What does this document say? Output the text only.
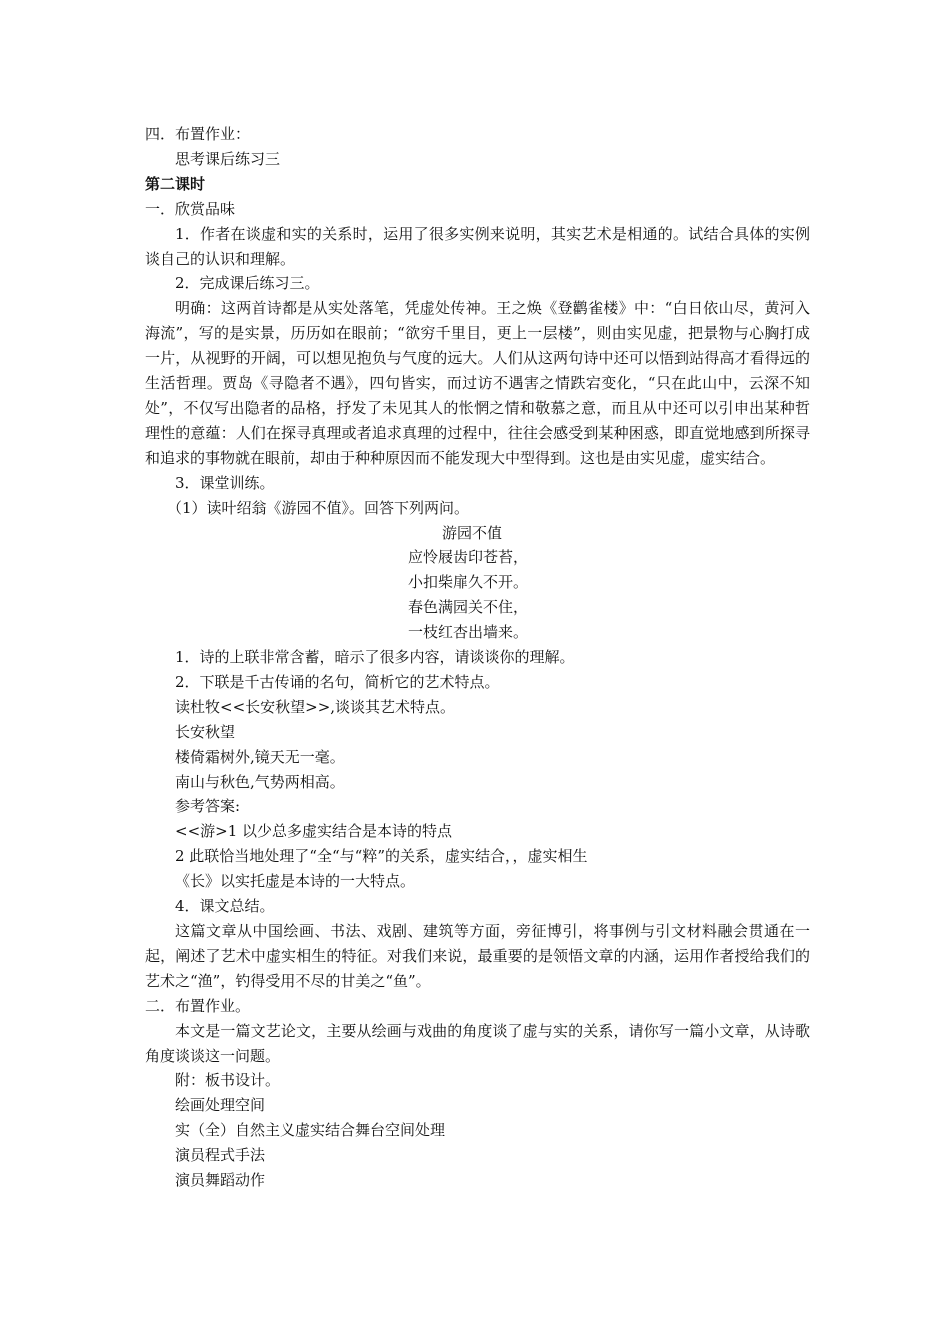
四．布置作业：
思考课后练习三
第二课时
一．欣赏品味
1．作者在谈虚和实的关系时，运用了很多实例来说明，其实艺术是相通的。试结合具体的实例谈自己的认识和理解。
2．完成课后练习三。
明确：这两首诗都是从实处落笔，凭虚处传神。王之焕《登鹳雀楼》中：“白日依山尽，黄河入海流”，写的是实景，历历如在眼前；“欲穷千里目，更上一层楼”，则由实见虚，把景物与心胸打成一片，从视野的开阔，可以想见抱负与气度的远大。人们从这两句诗中还可以悟到站得高才看得远的生活哲理。贾岛《寻隐者不遇》，四句皆实，而过访不遇害之情跌宕变化，“只在此山中，云深不知处”，不仅写出隐者的品格，抒发了未见其人的怅惘之情和敬慕之意，而且从中还可以引申出某种哲理性的意蕴：人们在探寻真理或者追求真理的过程中，往往会感受到某种困惑，即直觉地感到所探寻和追求的事物就在眼前，却由于种种原因而不能发现大中型得到。这也是由实见虚，虚实结合。
3．课堂训练。
（1）读叶绍翁《游园不值》。回答下列两问。
游园不值
应怜屐齿印苍苔，
小扣柴扉久不开。
春色满园关不住，
一枝红杏出墙来。
1．诗的上联非常含蓄，暗示了很多内容，请谈谈你的理解。
2．下联是千古传诵的名句，简析它的艺术特点。
读杜牧<<长安秋望>>,谈谈其艺术特点。
长安秋望
楼倚霜树外,镜天无一毫。
南山与秋色,气势两相高。
参考答案:
<<游>1 以少总多虚实结合是本诗的特点
2 此联恰当地处理了“全“与“粹”的关系，虚实结合，，虚实相生
《长》以实托虚是本诗的一大特点。
4．课文总结。
这篇文章从中国绘画、书法、戏剧、建筑等方面，旁征博引，将事例与引文材料融会贯通在一起，阐述了艺术中虚实相生的特征。对我们来说，最重要的是领悟文章的内涵，运用作者授给我们的艺术之“渔”，钓得受用不尽的甘美之“鱼”。
二．布置作业。
本文是一篇文艺论文，主要从绘画与戏曲的角度谈了虚与实的关系，请你写一篇小文章，从诗歌角度谈谈这一问题。
附：板书设计。
绘画处理空间
实（全）自然主义虚实结合舞台空间处理
演员程式手法
演员舞蹈动作
